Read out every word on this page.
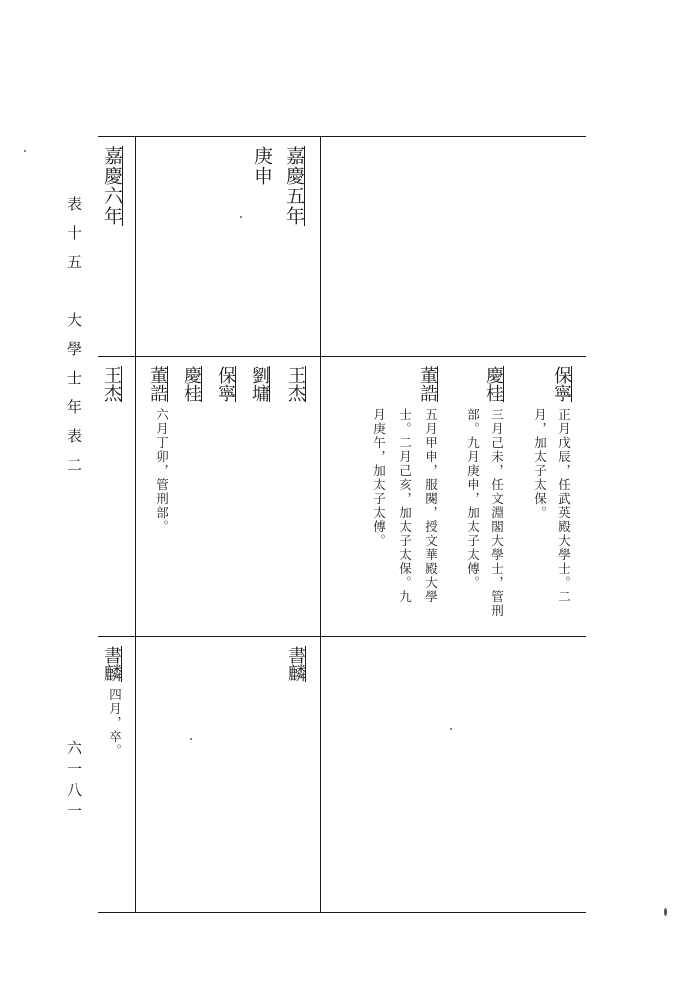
表十五　大學士年表二
六一八一
嘉慶六年	嘉慶五年
庚申
王杰	王杰
劉墉
保寧
慶桂
董誥
六月丁卯，管刑部。
保寧
正月戊辰，任武英殿大學士。二
月，加太子太保。
慶桂
三月己未，任文淵閣大學士，管刑
部。九月庚申，加太子太傅。
董誥
五月甲申，服闋，授文華殿大學
士。二月己亥，加太子太保。九
月庚午，加太子太傅。
書麟
四月，卒。
書麟
